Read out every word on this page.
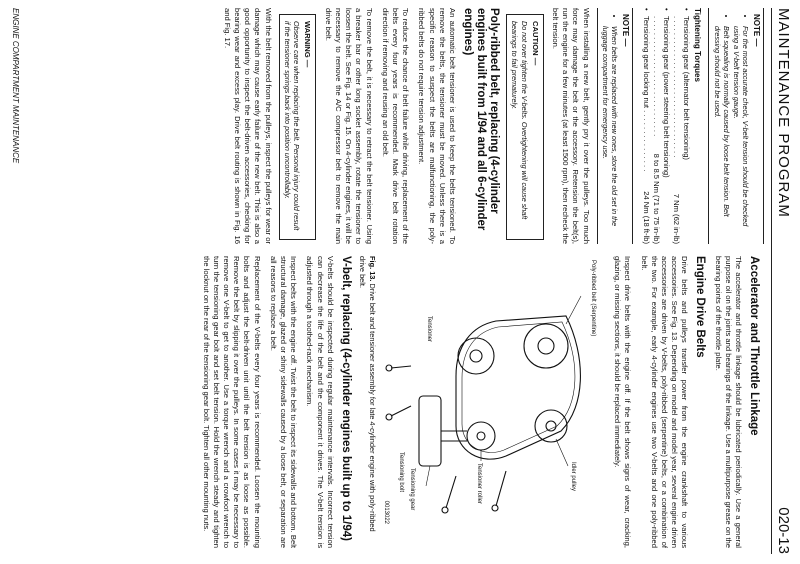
MAINTENANCE PROGRAM
020-13
NOTE —
• For the most accurate check, V-belt tension should be checked using a V-belt tension gauge.
• Belt squealing is normally caused by loose belt tension. Belt dressing should not be used.
Tightening Torques
• Tensioning gear (alternator belt tensioning)
. . . . . . . . . . . . . . . . . . . . . . . . . . . . . . . . . .
7 Nm (62 in-lb)
• Tensioning gear (power steering belt tensioning)
. . . . . . . . . . . . . . . . . . . . . . . . . . . . .
8 to 8.5 Nm (71 to 75 in-lb)
• Tensioning gear locking nut
. . . . . . . . . . . . . . .
24 Nm (18 ft-lb)
NOTE —
• When belts are replaced with new ones, store the old set in the luggage compartment for emergency use.

When installing a new belt, gently pry it over the pulleys. Too much force may damage the belt or the accessory. Retension the belt(s), run the engine for a few minutes (at least 1500 rpm), then recheck the belt tension.

CAUTION —
Do not over tighten the V-belts. Overtightening will cause shaft bearings to fail prematurely.
Poly-ribbed belt, replacing (4-cylinder engines built from 1/94 and all 6-cylinder engines)

An automatic belt tensioner is used to keep the belts tensioned. To remove the belts, the tensioner must be moved. Unless there is a specific reason to suspect the belts are malfunctioning, the poly-ribbed belts do not require tension adjustment.

To reduce the chance of belt failure while driving, replacement of the belts every four years is recommended. Mark drive belt rotation direction if removing and reusing an old belt.

To remove the belt, it is necessary to retract the belt tensioner. Using a breaker bar or other long socket assembly, rotate the tensioner to loosen the belt. See Fig. 14 or Fig. 15. On 4-cylinder engines, it will be necessary to remove the A/C compressor belt to remove the main drive belt.

WARNING —
Observe care when replacing the belt. Personal injury could result if the tensioner springs back into position uncontrollably.

With the belt removed from the pulleys, inspect the pulleys for wear or damage which may cause early failure of the new belt. This is also a good opportunity to inspect the belt-driven accessories, checking for bearing wear and excess play. Drive belt routing is shown in Fig. 16 and Fig. 17.

Accelerator and Throttle Linkage

The accelerator and throttle linkage should be lubricated periodically. Use a general purpose oil on the joints and bearings of the linkage. Use a multipurpose grease on the bearing points of the throttle plate.

Engine Drive Belts

Drive belts and pulleys transfer power from the engine crankshaft to various accessories. See Fig. 13. Depending on model and model year, several engine driven accessories are driven by V-belts, poly-ribbed (serpentine) belts, or a combination of the two. For example, early 4-cylinder engines use two V-belts and one poly-ribbed belt.

Inspect drive belts with the engine off. If the belt shows signs of wear, cracking, glazing, or missing sections, it should be replaced immediately.

Poly-ribbed belt (Serpentine)
Idler pulley
Tensioner roller
Tensioner
Tensioning gear
Tensioning bolt
0013022
Fig. 13. Drive belt and tensioner assembly for late 4-cylinder engine with poly-ribbed drive belt.
V-belt, replacing (4-cylinder engines built up to 1/94)

V-belts should be inspected during regular maintenance intervals. Incorrect tension can decrease the life of the belt and the component it drives. The V-belt tension is adjusted through a toothed-rack mechanism.

Inspect belts with the engine off. Twist the belt to inspect its sidewalls and bottom. Belt structural damage, glazed or shiny sidewalls caused by a loose belt, or separation are all reasons to replace a belt.

Replacement of the V-belts every four years is recommended. Loosen the mounting bolts and adjust the belt-driven unit until the belt tension is as loose as possible. Remove the belt by slipping it over the pulleys. In some cases it may be necessary to remove one V-belt to get to another. Use a torque wrench and a crowfoot wrench to turn the tensioning gear bolt and set belt tension. Hold the wrench steady and tighten the locknut on the rear of the tensioning gear bolt. Tighten all other mounting nuts.

ENGINE COMPARTMENT MAINTENANCE
